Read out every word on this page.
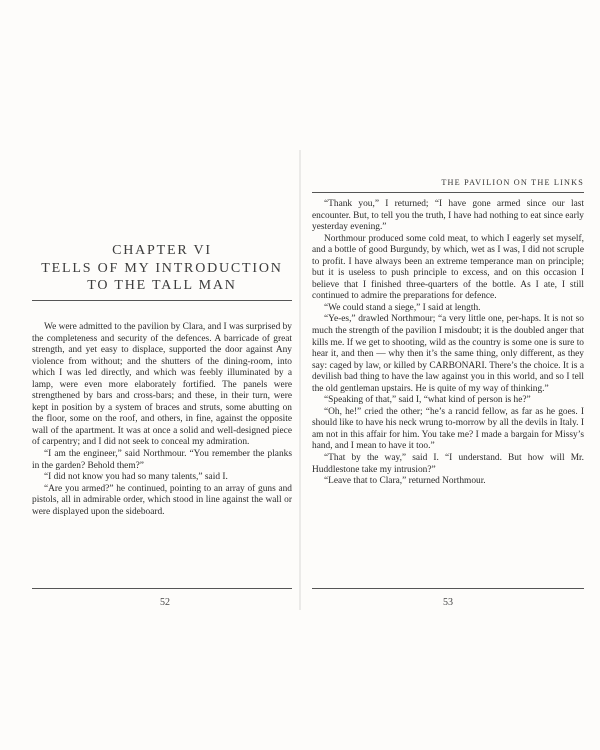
CHAPTER VI
TELLS OF MY INTRODUCTION
TO THE TALL MAN

We were admitted to the pavilion by Clara, and I was surprised by the completeness and security of the defences. A barricade of great strength, and yet easy to displace, supported the door against Any violence from without; and the shutters of the dining-room, into which I was led directly, and which was feebly illuminated by a lamp, were even more elaborately fortified. The panels were strengthened by bars and cross-bars; and these, in their turn, were kept in position by a system of braces and struts, some abutting on the floor, some on the roof, and others, in fine, against the opposite wall of the apartment. It was at once a solid and well-designed piece of carpentry; and I did not seek to conceal my admiration.

“I am the engineer,” said Northmour. “You remember the planks in the garden? Behold them?”

“I did not know you had so many talents,” said I.

“Are you armed?” he continued, pointing to an array of guns and pistols, all in admirable order, which stood in line against the wall or were displayed upon the sideboard.

52
THE PAVILION ON THE LINKS

“Thank you,” I returned; “I have gone armed since our last encounter. But, to tell you the truth, I have had nothing to eat since early yesterday evening.”

Northmour produced some cold meat, to which I eagerly set myself, and a bottle of good Burgundy, by which, wet as I was, I did not scruple to profit. I have always been an extreme temperance man on principle; but it is useless to push principle to excess, and on this occasion I believe that I finished three-quarters of the bottle. As I ate, I still continued to admire the preparations for defence.

“We could stand a siege,” I said at length.

“Ye-es,” drawled Northmour; “a very little one, per-haps. It is not so much the strength of the pavilion I misdoubt; it is the doubled anger that kills me. If we get to shooting, wild as the country is some one is sure to hear it, and then — why then it’s the same thing, only different, as they say: caged by law, or killed by CARBONARI. There’s the choice. It is a devilish bad thing to have the law against you in this world, and so I tell the old gentleman upstairs. He is quite of my way of thinking.”

“Speaking of that,” said I, “what kind of person is he?”

“Oh, he!” cried the other; “he’s a rancid fellow, as far as he goes. I should like to have his neck wrung to-morrow by all the devils in Italy. I am not in this affair for him. You take me? I made a bargain for Missy’s hand, and I mean to have it too.”

“That by the way,” said I. “I understand. But how will Mr. Huddlestone take my intrusion?”

“Leave that to Clara,” returned Northmour.

53
